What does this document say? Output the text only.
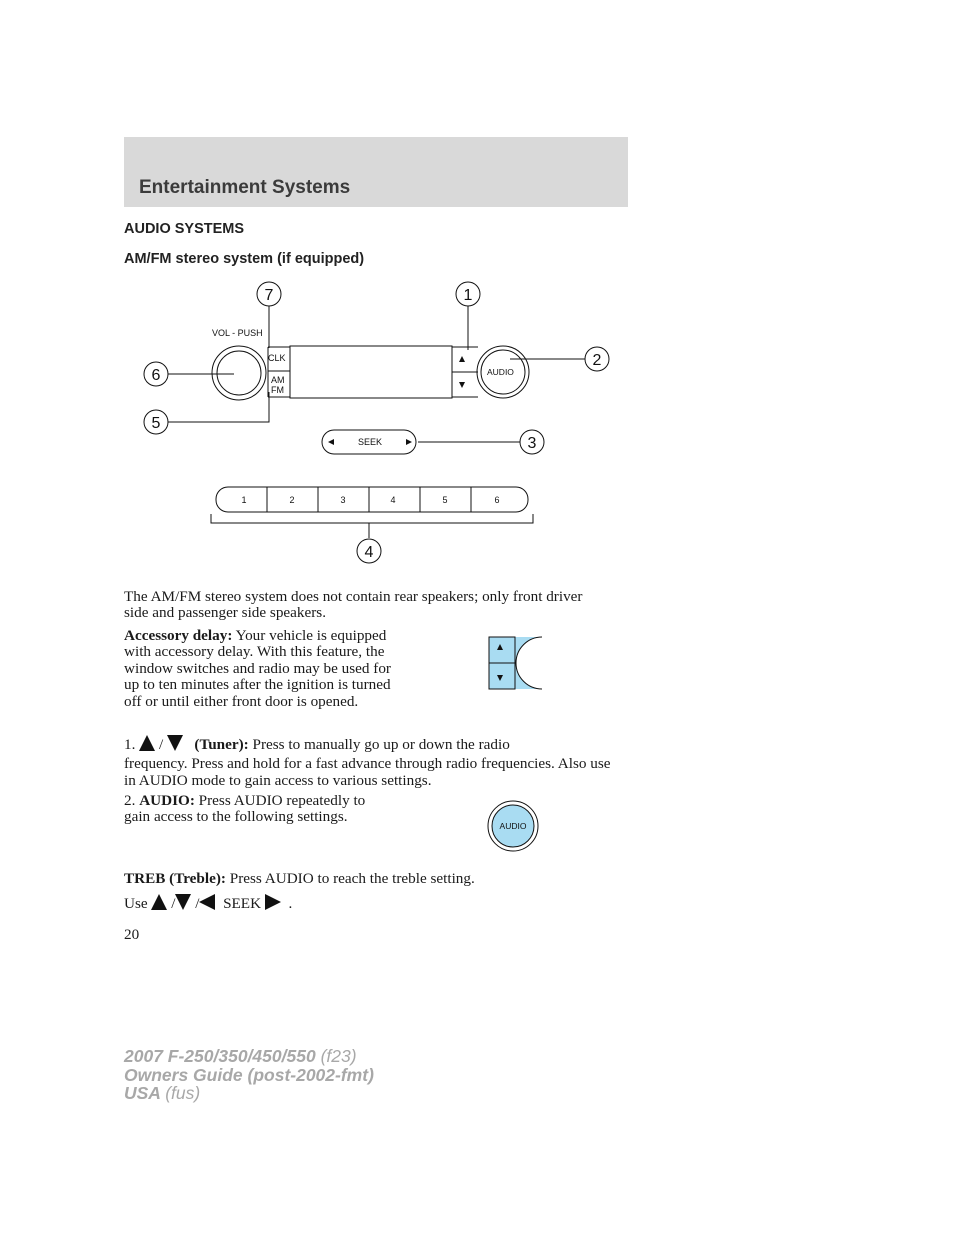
Entertainment Systems
AUDIO SYSTEMS
AM/FM stereo system (if equipped)
VOL - PUSH
CLK
AM
FM
AUDIO
SEEK
1	2	3	4	5	6
7	1
2
6
5
3
4
The AM/FM stereo system does not contain rear speakers; only front driver side and passenger side speakers.
Accessory delay: Your vehicle is equipped with accessory delay. With this feature, the window switches and radio may be used for up to ten minutes after the ignition is turned off or until either front door is opened.
1. / (Tuner): Press to manually go up or down the radio
frequency. Press and hold for a fast advance through radio frequencies. Also use in AUDIO mode to gain access to various settings.
2. AUDIO: Press AUDIO repeatedly to gain access to the following settings.
AUDIO
TREB (Treble): Press AUDIO to reach the treble setting.
Use / / SEEK .
20
2007 F-250/350/450/550 (f23)
Owners Guide (post-2002-fmt)
USA (fus)
